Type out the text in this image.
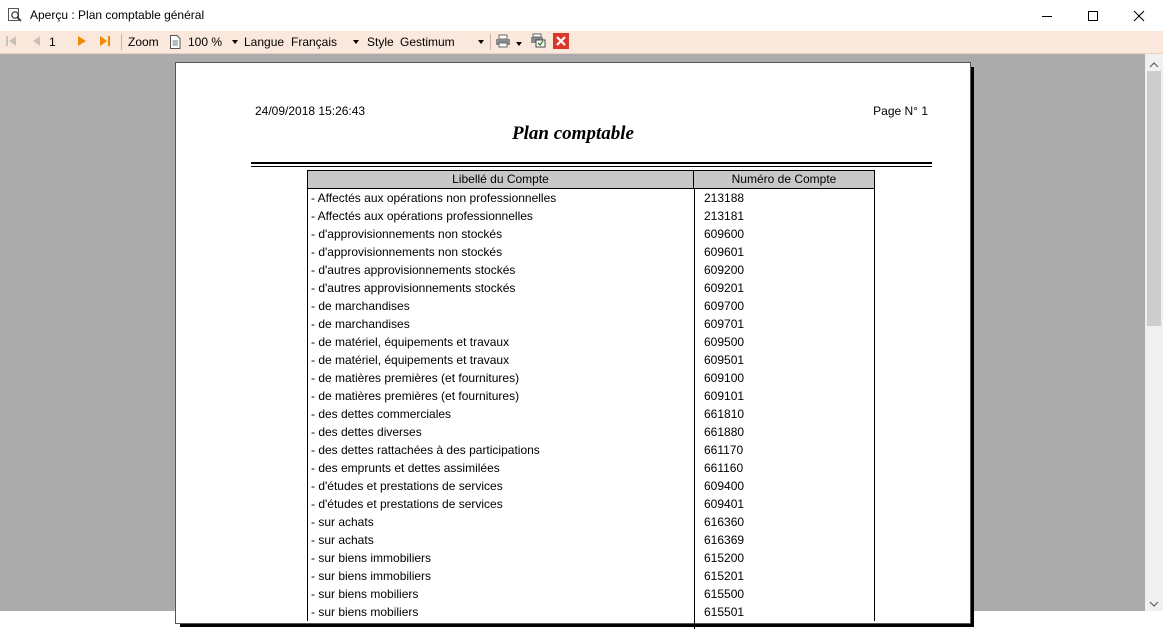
Aperçu : Plan comptable général
1	Zoom 100 % Langue Français Style Gestimum
24/09/2018 15:26:43	Page N° 1
Plan comptable
Libellé du Compte	Numéro de Compte
- Affectés aux opérations non professionnelles	213188
- Affectés aux opérations professionnelles	213181
- d'approvisionnements non stockés	609600
- d'approvisionnements non stockés	609601
- d'autres approvisionnements stockés	609200
- d'autres approvisionnements stockés	609201
- de marchandises	609700
- de marchandises	609701
- de matériel, équipements et travaux	609500
- de matériel, équipements et travaux	609501
- de matières premières (et fournitures)	609100
- de matières premières (et fournitures)	609101
- des dettes commerciales	661810
- des dettes diverses	661880
- des dettes rattachées à des participations	661170
- des emprunts et dettes assimilées	661160
- d'études et prestations de services	609400
- d'études et prestations de services	609401
- sur achats	616360
- sur achats	616369
- sur biens immobiliers	615200
- sur biens immobiliers	615201
- sur biens mobiliers	615500
- sur biens mobiliers	615501
